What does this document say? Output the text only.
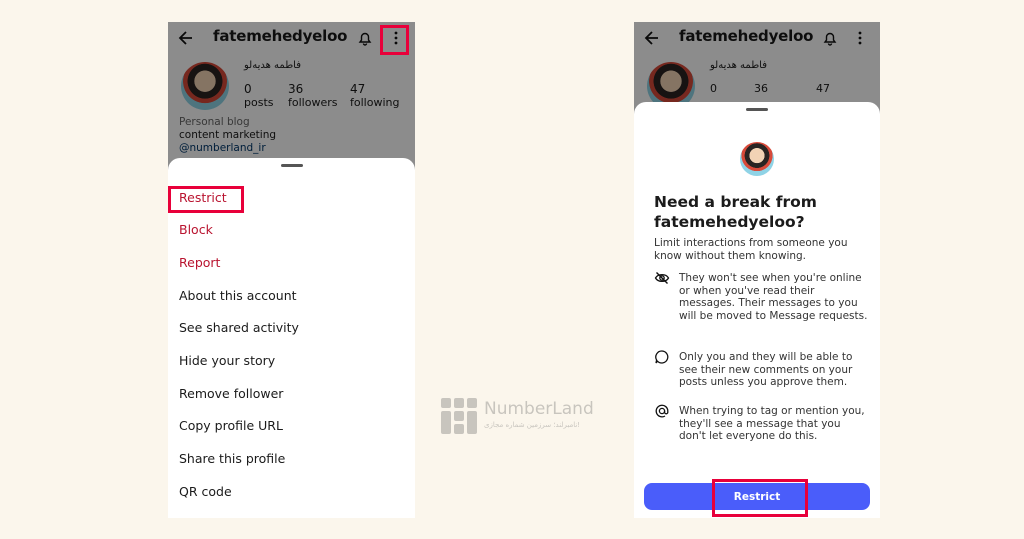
fatemehedyeloo
فاطمه هدیه‌لو
0
posts
36
followers
47
following
Personal blog
content marketing
@numberland_ir
Restrict
Block
Report
About this account
See shared activity
Hide your story
Remove follower
Copy profile URL
Share this profile
QR code
fatemehedyeloo
فاطمه هدیه‌لو
0	36	47
Need a break from fatemehedyeloo?
Limit interactions from someone you know without them knowing.
They won't see when you're online or when you've read their messages. Their messages to you will be moved to Message requests.
Only you and they will be able to see their new comments on your posts unless you approve them.
When trying to tag or mention you, they'll see a message that you don't let everyone do this.
Restrict
NumberLand
نامبرلند؛ سرزمین شماره مجازی!
